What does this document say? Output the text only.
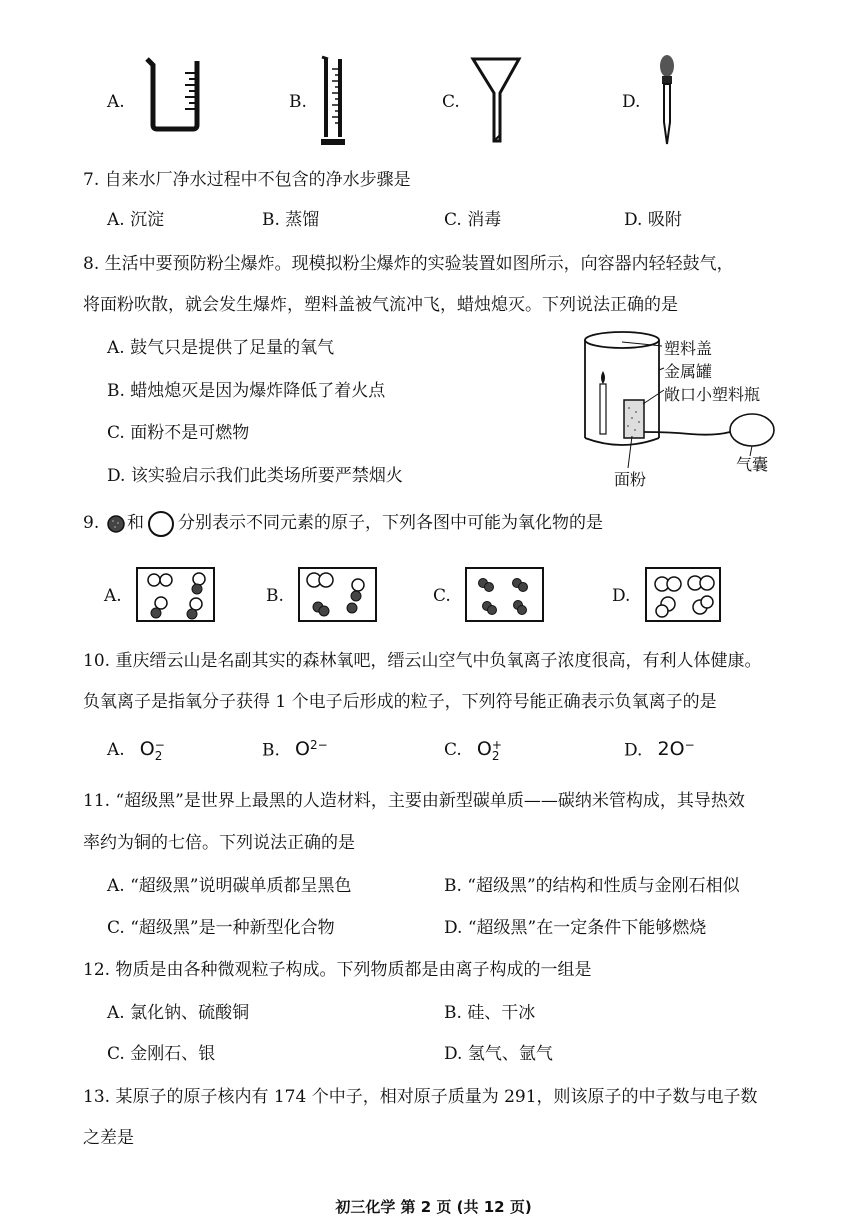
A.	B.	C.	D.
7. 自来水厂净水过程中不包含的净水步骤是
A. 沉淀	B. 蒸馏	C. 消毒	D. 吸附
8. 生活中要预防粉尘爆炸。现模拟粉尘爆炸的实验装置如图所示，向容器内轻轻鼓气，
将面粉吹散，就会发生爆炸，塑料盖被气流冲飞，蜡烛熄灭。下列说法正确的是
A. 鼓气只是提供了足量的氧气
B. 蜡烛熄灭是因为爆炸降低了着火点
C. 面粉不是可燃物
D. 该实验启示我们此类场所要严禁烟火
塑料盖
金属罐
敞口小塑料瓶
面粉
气囊
9. 和 分别表示不同元素的原子，下列各图中可能为氧化物的是
A.	B.	C.	D.
10. 重庆缙云山是名副其实的森林氧吧，缙云山空气中负氧离子浓度很高，有利人体健康。
负氧离子是指氧分子获得 1 个电子后形成的粒子，下列符号能正确表示负氧离子的是
A. O −
2	B. $O^{2-}$	C. O +
2	D. 2O−
11. “超级黑”是世界上最黑的人造材料，主要由新型碳单质——碳纳米管构成，其导热效
率约为铜的七倍。下列说法正确的是
A. “超级黑”说明碳单质都呈黑色	B. “超级黑”的结构和性质与金刚石相似
C. “超级黑”是一种新型化合物	D. “超级黑”在一定条件下能够燃烧
12. 物质是由各种微观粒子构成。下列物质都是由离子构成的一组是
A. 氯化钠、硫酸铜	B. 硅、干冰
C. 金刚石、银	D. 氢气、氩气
13. 某原子的原子核内有 174 个中子，相对原子质量为 291，则该原子的中子数与电子数
之差是
初三化学 第 2 页 (共 12 页)
